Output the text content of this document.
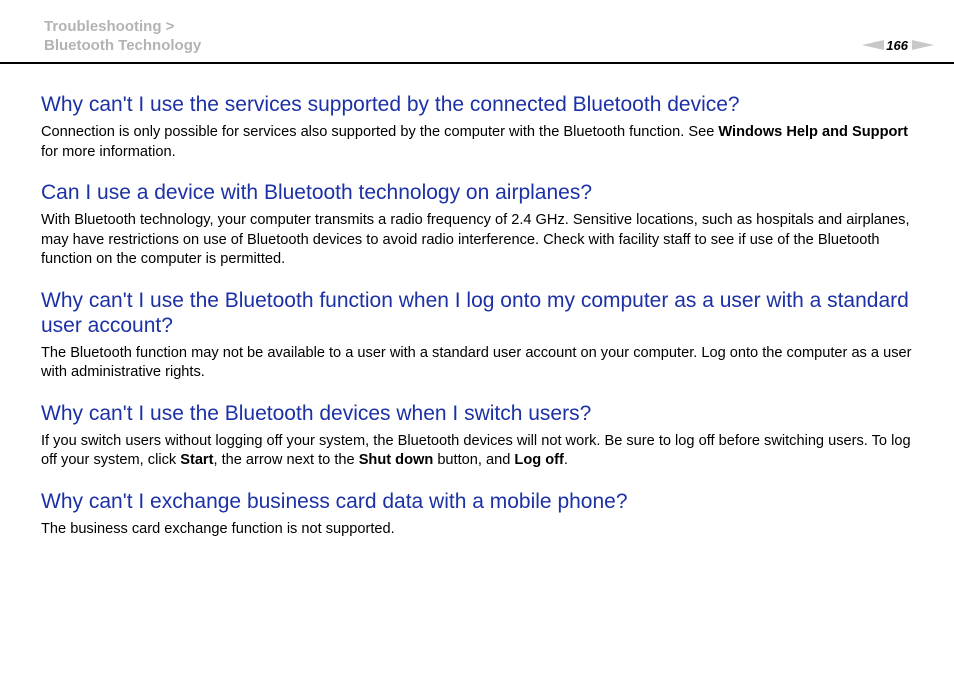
Troubleshooting >
Bluetooth Technology	166
Why can't I use the services supported by the connected Bluetooth device?

Connection is only possible for services also supported by the computer with the Bluetooth function. See Windows Help and Support for more information.

Can I use a device with Bluetooth technology on airplanes?

With Bluetooth technology, your computer transmits a radio frequency of 2.4 GHz. Sensitive locations, such as hospitals and airplanes, may have restrictions on use of Bluetooth devices to avoid radio interference. Check with facility staff to see if use of the Bluetooth function on the computer is permitted.

Why can't I use the Bluetooth function when I log onto my computer as a user with a standard user account?

The Bluetooth function may not be available to a user with a standard user account on your computer. Log onto the computer as a user with administrative rights.

Why can't I use the Bluetooth devices when I switch users?

If you switch users without logging off your system, the Bluetooth devices will not work. Be sure to log off before switching users. To log off your system, click Start, the arrow next to the Shut down button, and Log off.

Why can't I exchange business card data with a mobile phone?

The business card exchange function is not supported.
